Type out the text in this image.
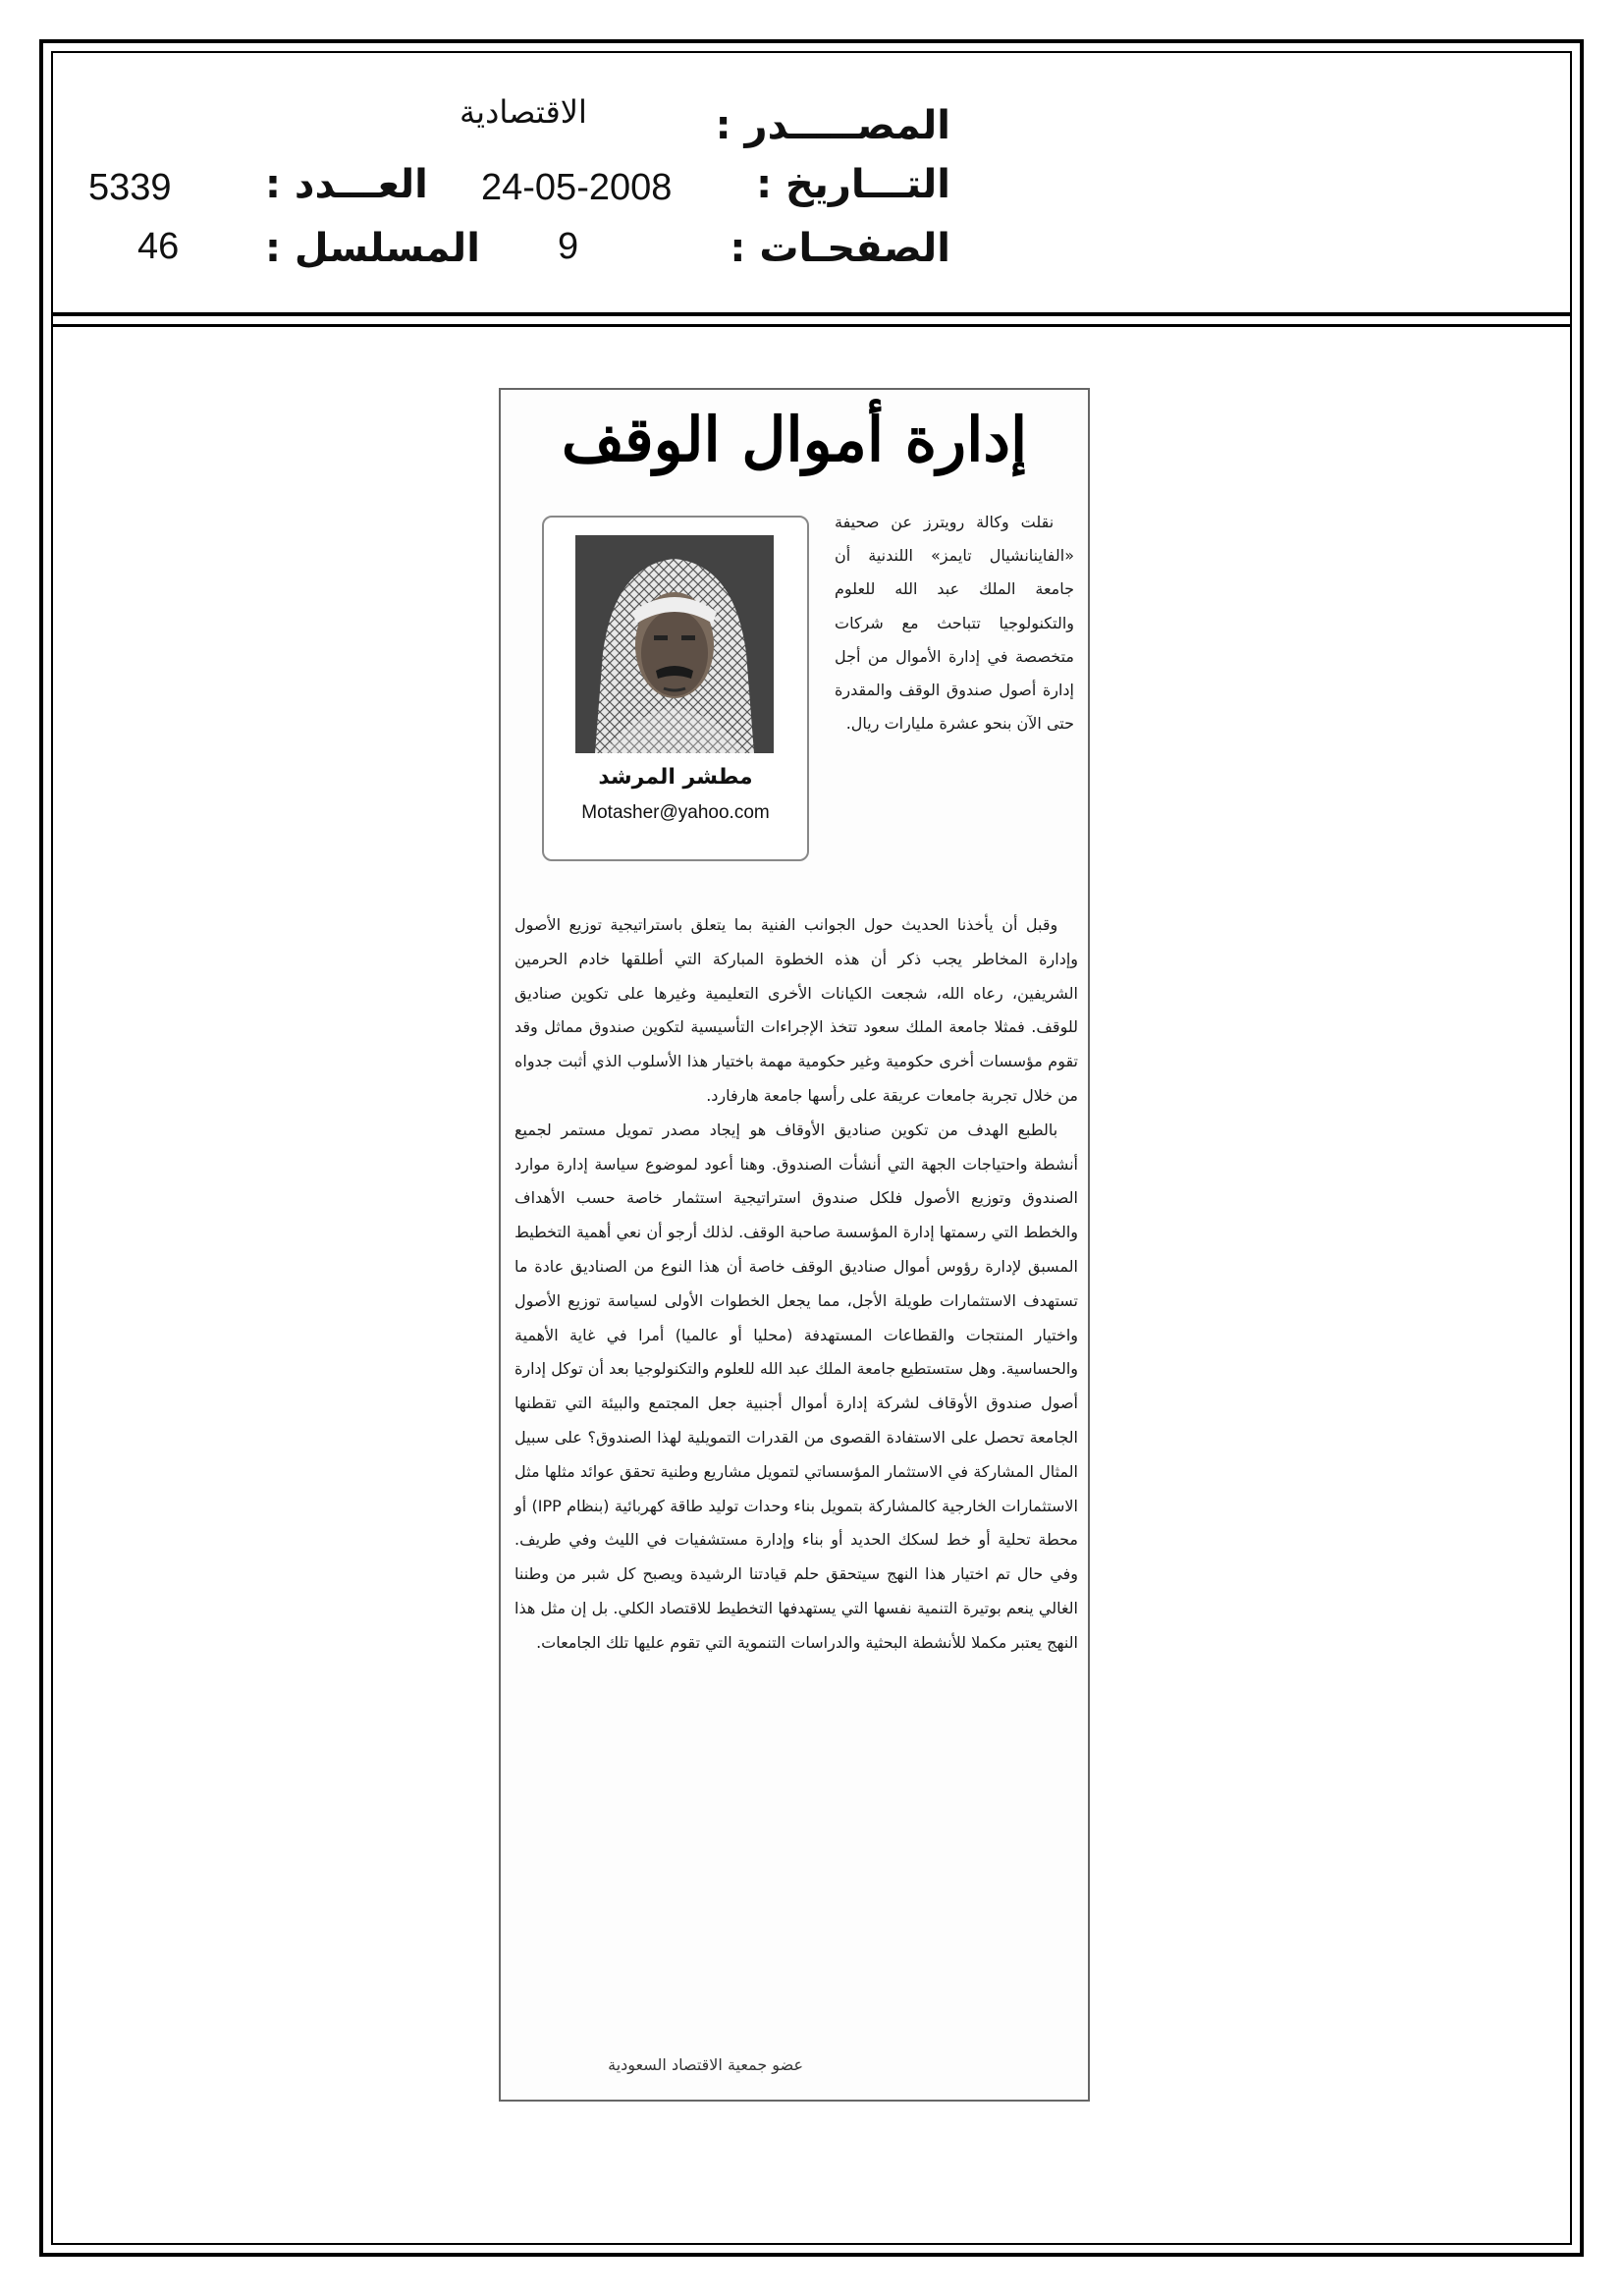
المصـــــدر :
التـــاريخ :
الصفحـات :
الاقتصادية
24-05-2008
9
العـــدد :
المسلسل :
5339
46
إدارة أموال الوقف
مطشر المرشد
Motasher@yahoo.com

نقلت وكالة رويترز عن صحيفة «الفاينانشيال تايمز» اللندنية أن جامعة الملك عبد الله للعلوم والتكنولوجيا تتباحث مع شركات متخصصة في إدارة الأموال من أجل إدارة أصول صندوق الوقف والمقدرة حتى الآن بنحو عشرة مليارات ريال.

وقبل أن يأخذنا الحديث حول الجوانب الفنية بما يتعلق باستراتيجية توزيع الأصول وإدارة المخاطر يجب ذكر أن هذه الخطوة المباركة التي أطلقها خادم الحرمين الشريفين، رعاه الله، شجعت الكيانات الأخرى التعليمية وغيرها على تكوين صناديق للوقف. فمثلا جامعة الملك سعود تتخذ الإجراءات التأسيسية لتكوين صندوق مماثل وقد تقوم مؤسسات أخرى حكومية وغير حكومية مهمة باختيار هذا الأسلوب الذي أثبت جدواه من خلال تجربة جامعات عريقة على رأسها جامعة هارفارد.

بالطبع الهدف من تكوين صناديق الأوقاف هو إيجاد مصدر تمويل مستمر لجميع أنشطة واحتياجات الجهة التي أنشأت الصندوق. وهنا أعود لموضوع سياسة إدارة موارد الصندوق وتوزيع الأصول فلكل صندوق استراتيجية استثمار خاصة حسب الأهداف والخطط التي رسمتها إدارة المؤسسة صاحبة الوقف. لذلك أرجو أن نعي أهمية التخطيط المسبق لإدارة رؤوس أموال صناديق الوقف خاصة أن هذا النوع من الصناديق عادة ما تستهدف الاستثمارات طويلة الأجل، مما يجعل الخطوات الأولى لسياسة توزيع الأصول واختيار المنتجات والقطاعات المستهدفة (محليا أو عالميا) أمرا في غاية الأهمية والحساسية. وهل ستستطيع جامعة الملك عبد الله للعلوم والتكنولوجيا بعد أن توكل إدارة أصول صندوق الأوقاف لشركة إدارة أموال أجنبية جعل المجتمع والبيئة التي تقطنها الجامعة تحصل على الاستفادة القصوى من القدرات التمويلية لهذا الصندوق؟ على سبيل المثال المشاركة في الاستثمار المؤسساتي لتمويل مشاريع وطنية تحقق عوائد مثلها مثل الاستثمارات الخارجية كالمشاركة بتمويل بناء وحدات توليد طاقة كهربائية (بنظام IPP) أو محطة تحلية أو خط لسكك الحديد أو بناء وإدارة مستشفيات في الليث وفي طريف. وفي حال تم اختيار هذا النهج سيتحقق حلم قيادتنا الرشيدة ويصبح كل شبر من وطننا الغالي ينعم بوتيرة التنمية نفسها التي يستهدفها التخطيط للاقتصاد الكلي. بل إن مثل هذا النهج يعتبر مكملا للأنشطة البحثية والدراسات التنموية التي تقوم عليها تلك الجامعات.

عضو جمعية الاقتصاد السعودية
